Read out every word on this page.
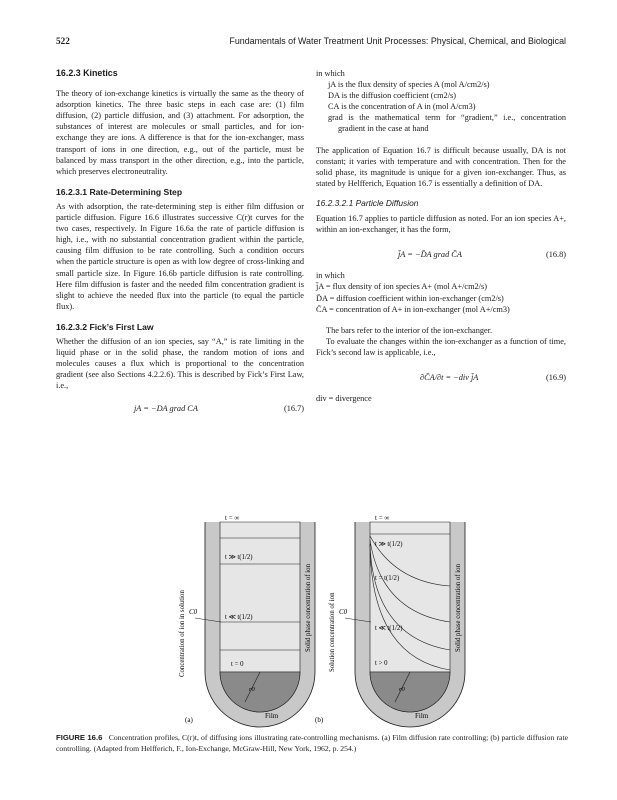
522	Fundamentals of Water Treatment Unit Processes: Physical, Chemical, and Biological
16.2.3 Kinetics

The theory of ion-exchange kinetics is virtually the same as the theory of adsorption kinetics. The three basic steps in each case are: (1) film diffusion, (2) particle diffusion, and (3) attachment. For adsorption, the substances of interest are molecules or small particles, and for ion-exchange they are ions. A difference is that for the ion-exchanger, mass transport of ions in one direction, e.g., out of the particle, must be balanced by mass transport in the other direction, e.g., into the particle, which preserves electroneutrality.

16.2.3.1 Rate-Determining Step

As with adsorption, the rate-determining step is either film diffusion or particle diffusion. Figure 16.6 illustrates successive C(r)t curves for the two cases, respectively. In Figure 16.6a the rate of particle diffusion is high, i.e., with no substantial concentration gradient within the particle, causing film diffusion to be rate controlling. Such a condition occurs when the particle structure is open as with low degree of cross-linking and small particle size. In Figure 16.6b particle diffusion is rate controlling. Here film diffusion is faster and the needed film concentration gradient is slight to achieve the needed flux into the particle (to equal the particle flux).

16.2.3.2 Fick’s First Law

Whether the diffusion of an ion species, say “A,” is rate limiting in the liquid phase or in the solid phase, the random motion of ions and molecules causes a flux which is proportional to the concentration gradient (see also Sections 4.2.2.6). This is described by Fick’s First Law, i.e.,

jA = −DA grad CA	(16.7)

in which

jA is the flux density of species A (mol A/cm2/s)
DA is the diffusion coefficient (cm2/s)
CA is the concentration of A in (mol A/cm3)
grad is the mathematical term for “gradient,” i.e., concentration gradient in the case at hand

The application of Equation 16.7 is difficult because usually, DA is not constant; it varies with temperature and with concentration. Then for the solid phase, its magnitude is unique for a given ion-exchanger. Thus, as stated by Helfferich, Equation 16.7 is essentially a definition of DA.

16.2.3.2.1 Particle Diffusion

Equation 16.7 applies to particle diffusion as noted. For an ion species A+, within an ion-exchanger, it has the form,

j̄A = −D̄A grad C̄A	(16.8)

in which

j̄A = flux density of ion species A+ (mol A+/cm2/s)
D̄A = diffusion coefficient within ion-exchanger (cm2/s)
C̄A = concentration of A+ in ion-exchanger (mol A+/cm3)

The bars refer to the interior of the ion-exchanger.

To evaluate the changes within the ion-exchanger as a function of time, Fick’s second law is applicable, i.e.,

∂C̄A/∂t = −div j̄A	(16.9)

div = divergence

t = ∞
t ≫ t(1/2)
t ≪ t(1/2)
t = 0
C0
r0
Film
(a)
Concentration of ion in solution	Solid phase concentration of ion
t = ∞
t ≫ t(1/2)
t = t(1/2)
t ≪ t(1/2)
t > 0
C0
r0
Film
(b)
Solution concentration of ion	Solid phase concentration of ion
FIGURE 16.6 Concentration profiles, C(r)t, of diffusing ions illustrating rate-controlling mechanisms. (a) Film diffusion rate controlling; (b) particle diffusion rate controlling. (Adapted from Helfferich, F., Ion-Exchange, McGraw-Hill, New York, 1962, p. 254.)
